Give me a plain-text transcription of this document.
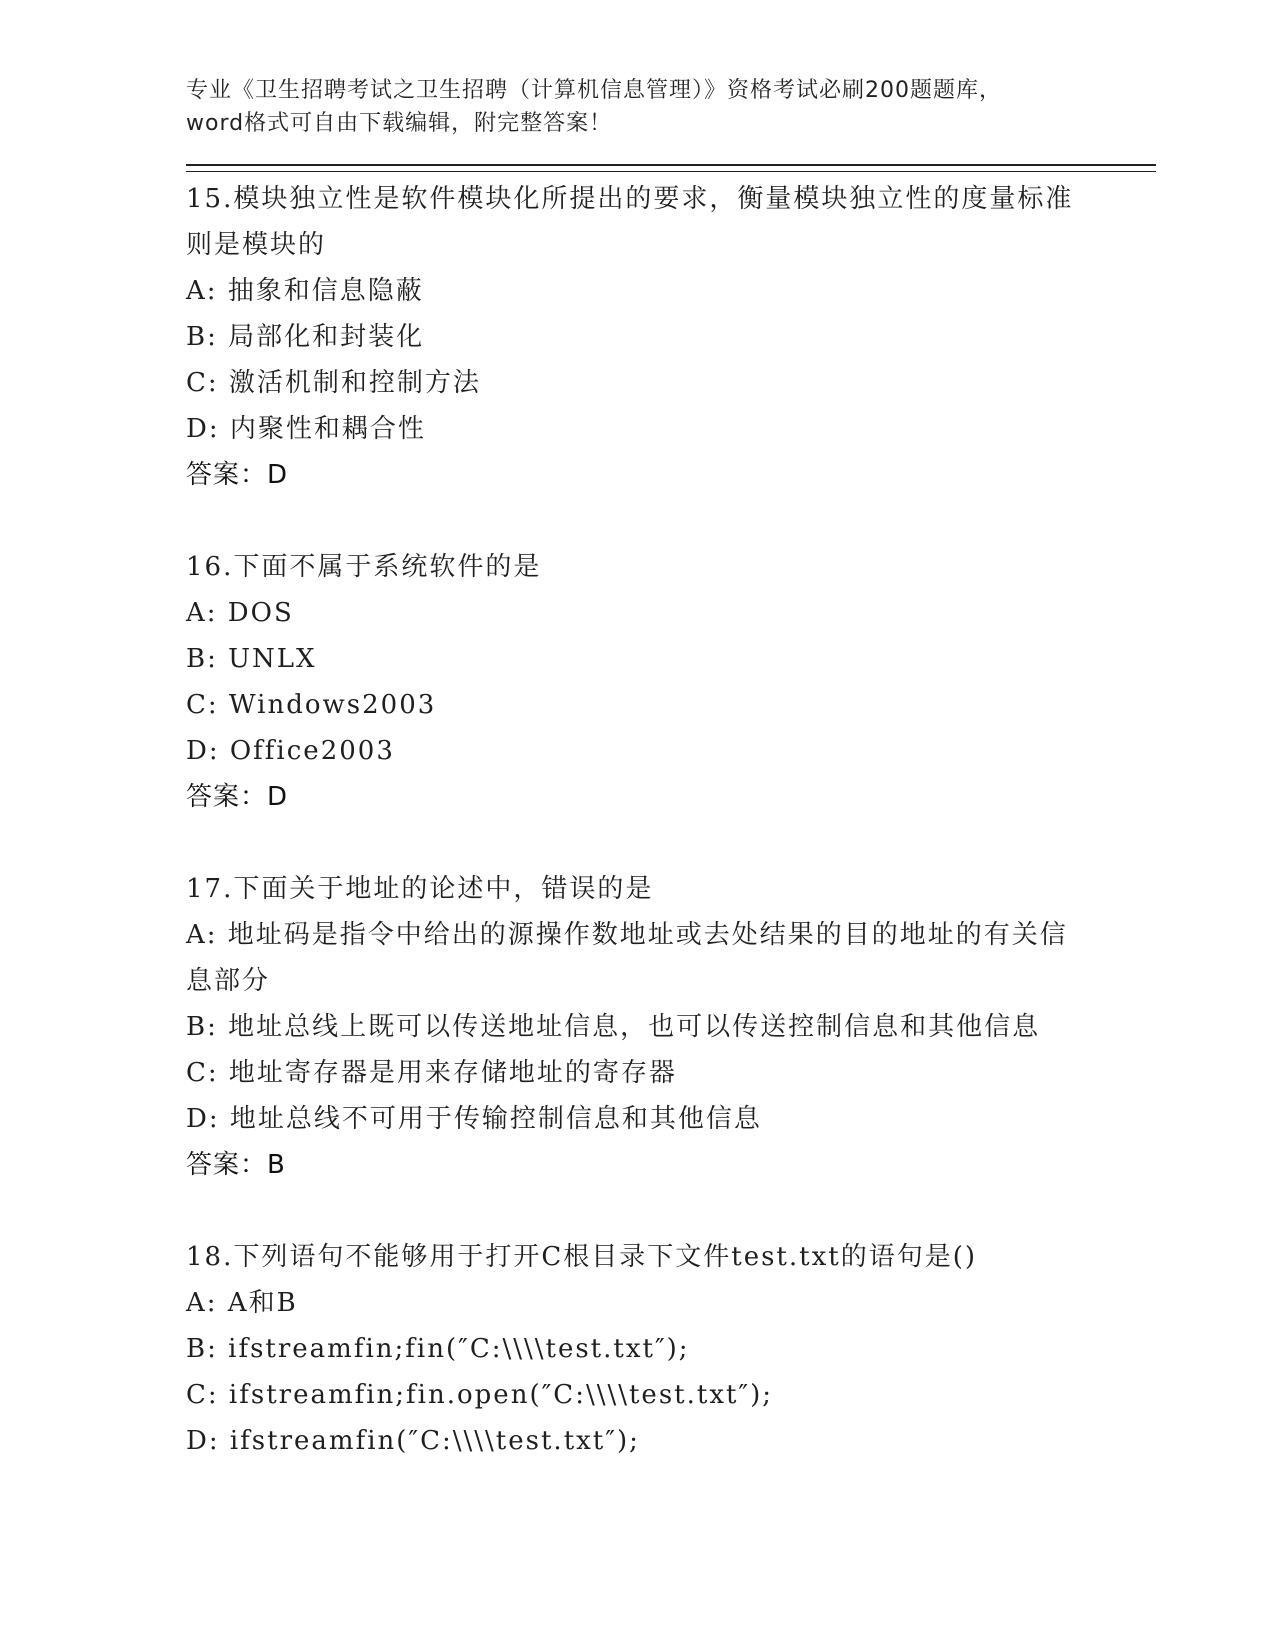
专业《卫生招聘考试之卫生招聘（计算机信息管理）》资格考试必刷200题题库，
word格式可自由下载编辑，附完整答案！
15.模块独立性是软件模块化所提出的要求，衡量模块独立性的度量标准则是模块的
A: 抽象和信息隐蔽
B: 局部化和封装化
C: 激活机制和控制方法
D: 内聚性和耦合性
答案：D
16.下面不属于系统软件的是
A: DOS
B: UNLX
C: Windows2003
D: Office2003
答案：D
17.下面关于地址的论述中，错误的是
A: 地址码是指令中给出的源操作数地址或去处结果的目的地址的有关信息部分
B: 地址总线上既可以传送地址信息，也可以传送控制信息和其他信息
C: 地址寄存器是用来存储地址的寄存器
D: 地址总线不可用于传输控制信息和其他信息
答案：B
18.下列语句不能够用于打开C根目录下文件test.txt的语句是()
A: A和B
B: ifstreamfin;fin(″C:\\\\test.txt″);
C: ifstreamfin;fin.open(″C:\\\\test.txt″);
D: ifstreamfin(″C:\\\\test.txt″);
